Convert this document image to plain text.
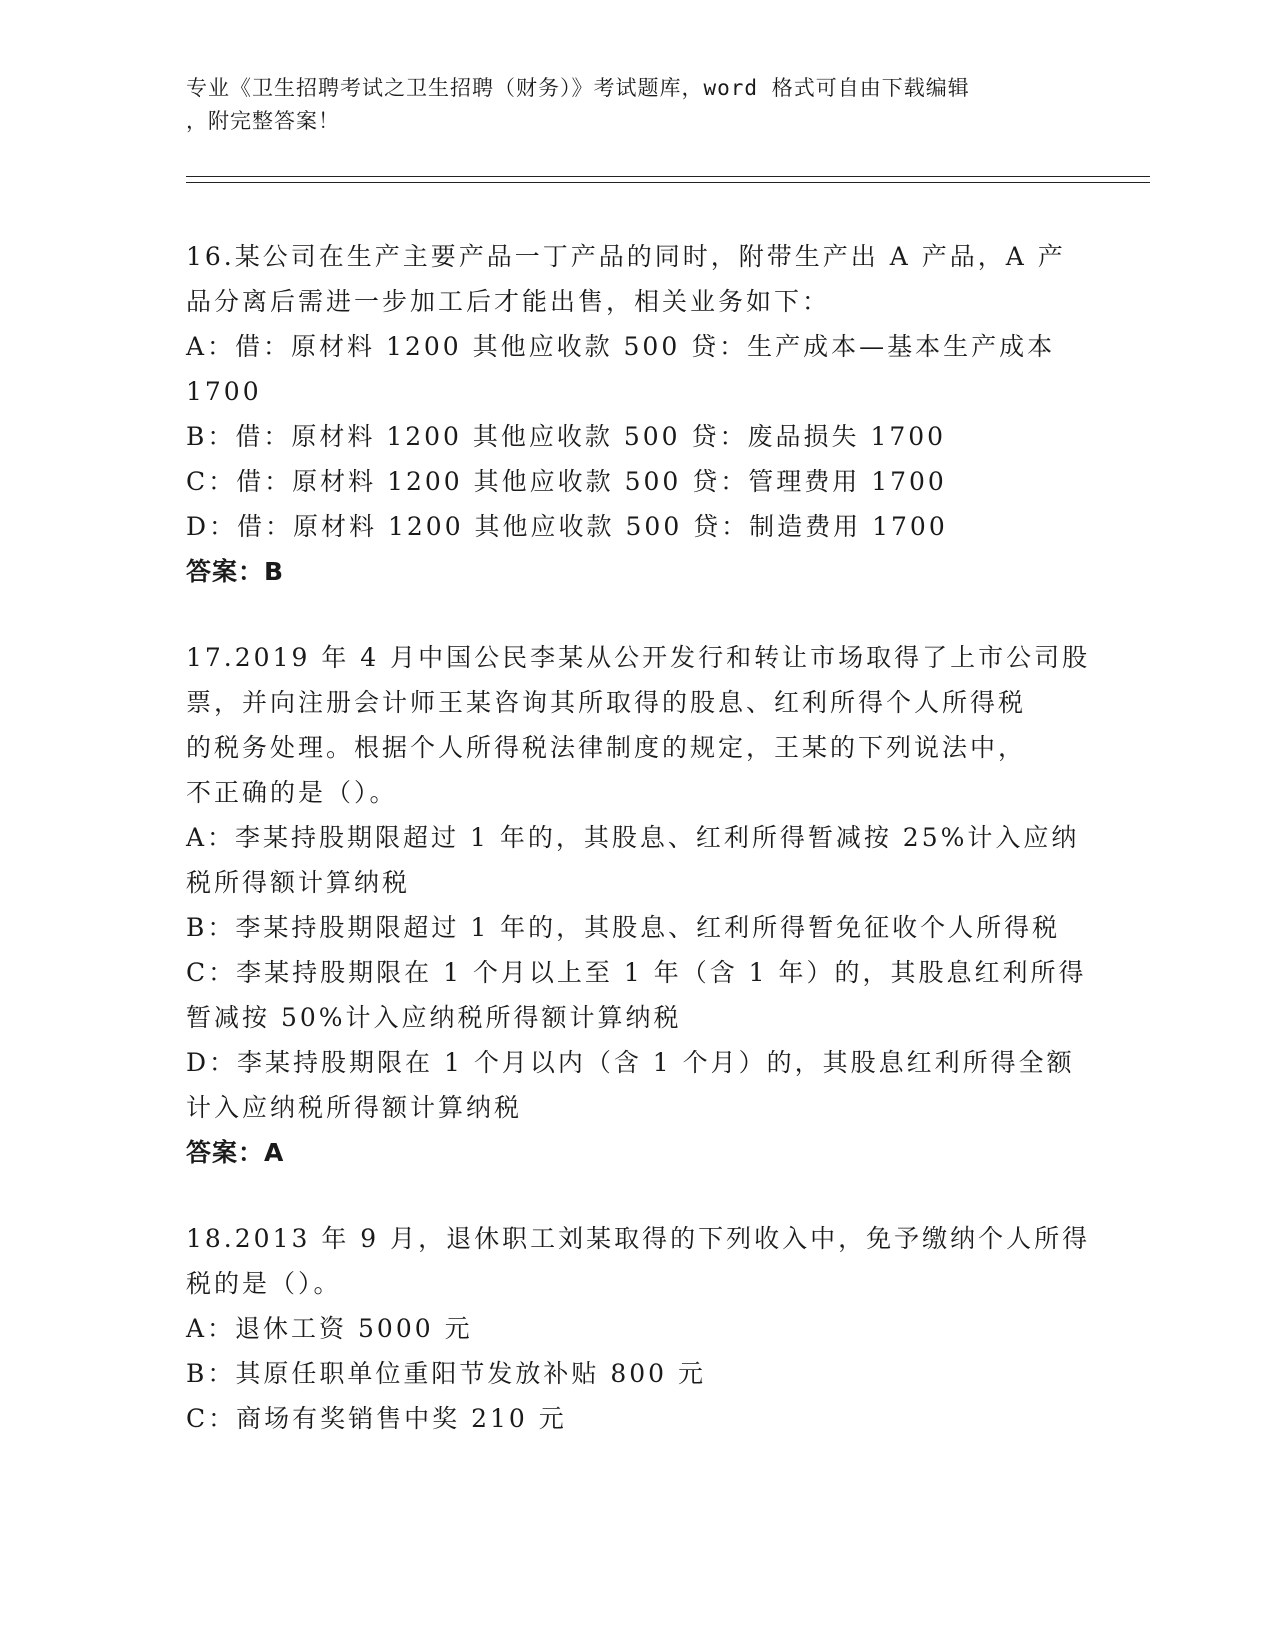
专业《卫生招聘考试之卫生招聘（财务）》考试题库，word 格式可自由下载编辑

，附完整答案！

16.某公司在生产主要产品一丁产品的同时，附带生产出 A 产品，A 产

品分离后需进一步加工后才能出售，相关业务如下：

A：借：原材料 1200 其他应收款 500 贷：生产成本—基本生产成本

1700

B：借：原材料 1200 其他应收款 500 贷：废品损失 1700

C：借：原材料 1200 其他应收款 500 贷：管理费用 1700

D：借：原材料 1200 其他应收款 500 贷：制造费用 1700

答案：B

17.2019 年 4 月中国公民李某从公开发行和转让市场取得了上市公司股

票，并向注册会计师王某咨询其所取得的股息、红利所得个人所得税

的税务处理。根据个人所得税法律制度的规定，王某的下列说法中，

不正确的是（）。

A：李某持股期限超过 1 年的，其股息、红利所得暂减按 25%计入应纳

税所得额计算纳税

B：李某持股期限超过 1 年的，其股息、红利所得暂免征收个人所得税

C：李某持股期限在 1 个月以上至 1 年（含 1 年）的，其股息红利所得

暂减按 50%计入应纳税所得额计算纳税

D：李某持股期限在 1 个月以内（含 1 个月）的，其股息红利所得全额

计入应纳税所得额计算纳税

答案：A

18.2013 年 9 月，退休职工刘某取得的下列收入中，免予缴纳个人所得

税的是（）。

A：退休工资 5000 元

B：其原任职单位重阳节发放补贴 800 元

C：商场有奖销售中奖 210 元
